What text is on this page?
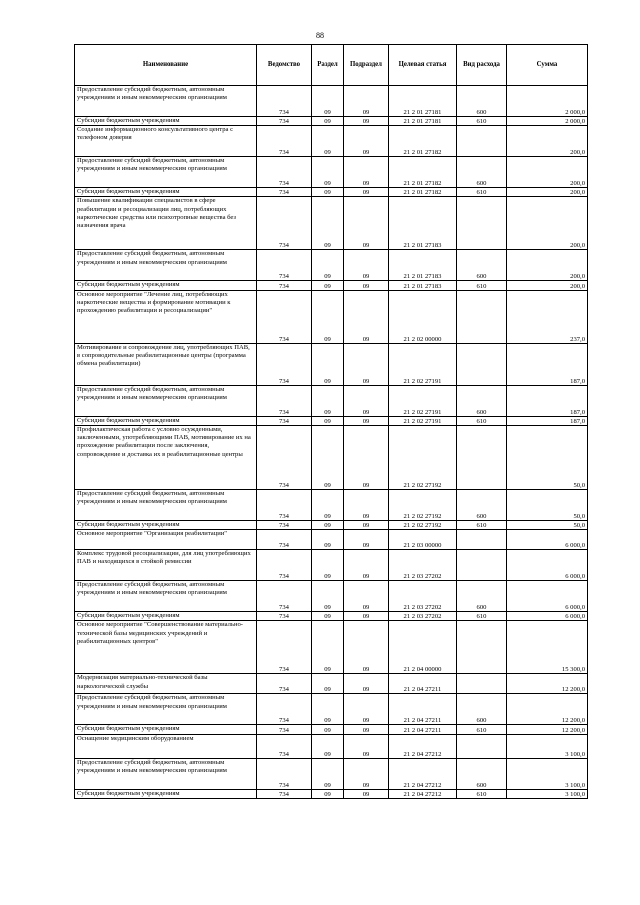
88
Наименование	Ведомство	Раздел	Подраздел	Целевая статья	Вид расхода	Сумма
Предоставление субсидий бюджетным, автономным учреждениям и иным некоммерческим организациям	734	09	09	21 2 01 27181	600	2 000,0
Субсидии бюджетным учреждениям	734	09	09	21 2 01 27181	610	2 000,0
Создание информационного консультативного центра с телефоном доверия	734	09	09	21 2 01 27182		200,0
Предоставление субсидий бюджетным, автономным учреждениям и иным некоммерческим организациям	734	09	09	21 2 01 27182	600	200,0
Субсидии бюджетным учреждениям	734	09	09	21 2 01 27182	610	200,0
Повышение квалификации специалистов в сфере реабилитации и ресоциализации лиц, потребляющих наркотические средства или психотропные вещества без назначения врача	734	09	09	21 2 01 27183		200,0
Предоставление субсидий бюджетным, автономным учреждениям и иным некоммерческим организациям	734	09	09	21 2 01 27183	600	200,0
Субсидии бюджетным учреждениям	734	09	09	21 2 01 27183	610	200,0
Основное мероприятие "Лечение лиц, потребляющих наркотические вещества и формирование мотивации к прохождению реабилитации и ресоциализации"	734	09	09	21 2 02 00000		237,0
Мотивирование и сопровождение лиц, употребляющих ПАВ, в сопроводительные реабилитационные центры (программа обмена реабилитации)	734	09	09	21 2 02 27191		187,0
Предоставление субсидий бюджетным, автономным учреждениям и иным некоммерческим организациям	734	09	09	21 2 02 27191	600	187,0
Субсидии бюджетным учреждениям	734	09	09	21 2 02 27191	610	187,0
Профилактическая работа с условно осужденными, заключенными, употребляющими ПАВ, мотивирование их на прохождение реабилитации после заключения, сопровождение и доставка их в реабилитационные центры	734	09	09	21 2 02 27192		50,0
Предоставление субсидий бюджетным, автономным учреждениям и иным некоммерческим организациям	734	09	09	21 2 02 27192	600	50,0
Субсидии бюджетным учреждениям	734	09	09	21 2 02 27192	610	50,0
Основное мероприятие "Организация реабилитации"	734	09	09	21 2 03 00000		6 000,0
Комплекс трудовой ресоциализации, для лиц употребляющих ПАВ и находящихся в стойкой ремиссии	734	09	09	21 2 03 27202		6 000,0
Предоставление субсидий бюджетным, автономным учреждениям и иным некоммерческим организациям	734	09	09	21 2 03 27202	600	6 000,0
Субсидии бюджетным учреждениям	734	09	09	21 2 03 27202	610	6 000,0
Основное мероприятие "Совершенствование материально-технической базы медицинских учреждений и реабилитационных центров"	734	09	09	21 2 04 00000		15 300,0
Модернизация материально-технической базы наркологической службы	734	09	09	21 2 04 27211		12 200,0
Предоставление субсидий бюджетным, автономным учреждениям и иным некоммерческим организациям	734	09	09	21 2 04 27211	600	12 200,0
Субсидии бюджетным учреждениям	734	09	09	21 2 04 27211	610	12 200,0
Оснащение медицинским оборудованием	734	09	09	21 2 04 27212		3 100,0
Предоставление субсидий бюджетным, автономным учреждениям и иным некоммерческим организациям	734	09	09	21 2 04 27212	600	3 100,0
Субсидии бюджетным учреждениям	734	09	09	21 2 04 27212	610	3 100,0
